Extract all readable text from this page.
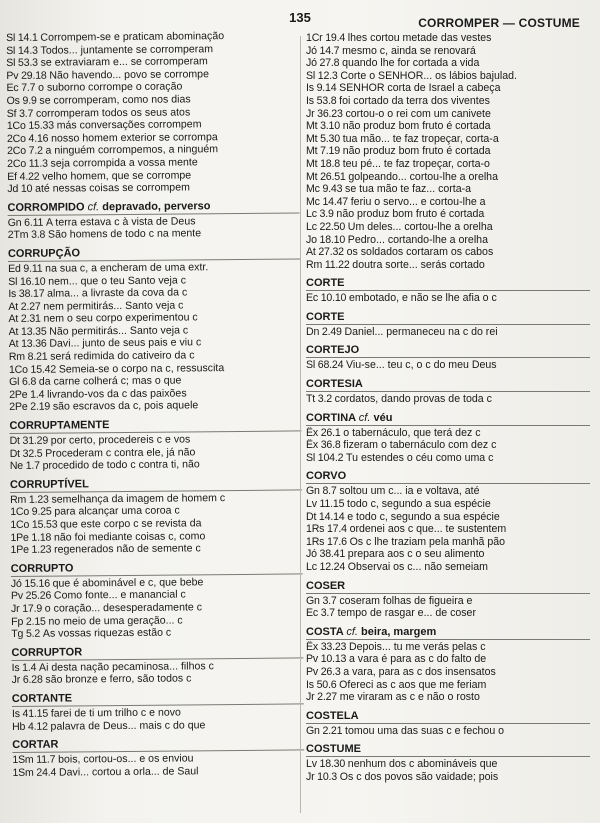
135	CORROMPER — COSTUME
Sl 14.1 Corrompem-se e praticam abominação
Sl 14.3 Todos... juntamente se corromperam
Sl 53.3 se extraviaram e... se corromperam
Pv 29.18 Não havendo... povo se corrompe
Ec 7.7 o suborno corrompe o coração
Os 9.9 se corromperam, como nos dias
Sf 3.7 corromperam todos os seus atos
1Co 15.33 más conversações corrompem
2Co 4.16 nosso homem exterior se corrompa
2Co 7.2 a ninguém corrompemos, a ninguém
2Co 11.3 seja corrompida a vossa mente
Ef 4.22 velho homem, que se corrompe
Jd 10 até nessas coisas se corrompem
CORROMPIDO cf. depravado, perverso
Gn 6.11 A terra estava c à vista de Deus
2Tm 3.8 São homens de todo c na mente
CORRUPÇÃO
Ed 9.11 na sua c, a encheram de uma extr.
Sl 16.10 nem... que o teu Santo veja c
Is 38.17 alma... a livraste da cova da c
At 2.27 nem permitirás... Santo veja c
At 2.31 nem o seu corpo experimentou c
At 13.35 Não permitirás... Santo veja c
At 13.36 Davi... junto de seus pais e viu c
Rm 8.21 será redimida do cativeiro da c
1Co 15.42 Semeia-se o corpo na c, ressuscita
Gl 6.8 da carne colherá c; mas o que
2Pe 1.4 livrando-vos da c das paixões
2Pe 2.19 são escravos da c, pois aquele
CORRUPTAMENTE
Dt 31.29 por certo, procedereis c e vos
Dt 32.5 Procederam c contra ele, já não
Ne 1.7 procedido de todo c contra ti, não
CORRUPTÍVEL
Rm 1.23 semelhança da imagem de homem c
1Co 9.25 para alcançar uma coroa c
1Co 15.53 que este corpo c se revista da
1Pe 1.18 não foi mediante coisas c, como
1Pe 1.23 regenerados não de semente c
CORRUPTO
Jó 15.16 que é abominável e c, que bebe
Pv 25.26 Como fonte... e manancial c
Jr 17.9 o coração... desesperadamente c
Fp 2.15 no meio de uma geração... c
Tg 5.2 As vossas riquezas estão c
CORRUPTOR
Is 1.4 Ai desta nação pecaminosa... filhos c
Jr 6.28 são bronze e ferro, são todos c
CORTANTE
Is 41.15 farei de ti um trilho c e novo
Hb 4.12 palavra de Deus... mais c do que
CORTAR
1Sm 11.7 bois, cortou-os... e os enviou
1Sm 24.4 Davi... cortou a orla... de Saul
1Cr 19.4 lhes cortou metade das vestes
Jó 14.7 mesmo c, ainda se renovará
Jó 27.8 quando lhe for cortada a vida
Sl 12.3 Corte o SENHOR... os lábios bajulad.
Is 9.14 SENHOR corta de Israel a cabeça
Is 53.8 foi cortado da terra dos viventes
Jr 36.23 cortou-o o rei com um canivete
Mt 3.10 não produz bom fruto é cortada
Mt 5.30 tua mão... te faz tropeçar, corta-a
Mt 7.19 não produz bom fruto é cortada
Mt 18.8 teu pé... te faz tropeçar, corta-o
Mt 26.51 golpeando... cortou-lhe a orelha
Mc 9.43 se tua mão te faz... corta-a
Mc 14.47 feriu o servo... e cortou-lhe a
Lc 3.9 não produz bom fruto é cortada
Lc 22.50 Um deles... cortou-lhe a orelha
Jo 18.10 Pedro... cortando-lhe a orelha
At 27.32 os soldados cortaram os cabos
Rm 11.22 doutra sorte... serás cortado
CORTE
Ec 10.10 embotado, e não se lhe afia o c
CORTE
Dn 2.49 Daniel... permaneceu na c do rei
CORTEJO
Sl 68.24 Viu-se... teu c, o c do meu Deus
CORTESIA
Tt 3.2 cordatos, dando provas de toda c
CORTINA cf. véu
Êx 26.1 o tabernáculo, que terá dez c
Êx 36.8 fizeram o tabernáculo com dez c
Sl 104.2 Tu estendes o céu como uma c
CORVO
Gn 8.7 soltou um c... ia e voltava, até
Lv 11.15 todo c, segundo a sua espécie
Dt 14.14 e todo c, segundo a sua espécie
1Rs 17.4 ordenei aos c que... te sustentem
1Rs 17.6 Os c lhe traziam pela manhã pão
Jó 38.41 prepara aos c o seu alimento
Lc 12.24 Observai os c... não semeiam
COSER
Gn 3.7 coseram folhas de figueira e
Ec 3.7 tempo de rasgar e... de coser
COSTA cf. beira, margem
Êx 33.23 Depois... tu me verás pelas c
Pv 10.13 a vara é para as c do falto de
Pv 26.3 a vara, para as c dos insensatos
Is 50.6 Ofereci as c aos que me feriam
Jr 2.27 me viraram as c e não o rosto
COSTELA
Gn 2.21 tomou uma das suas c e fechou o
COSTUME
Lv 18.30 nenhum dos c abomináveis que
Jr 10.3 Os c dos povos são vaidade; pois
